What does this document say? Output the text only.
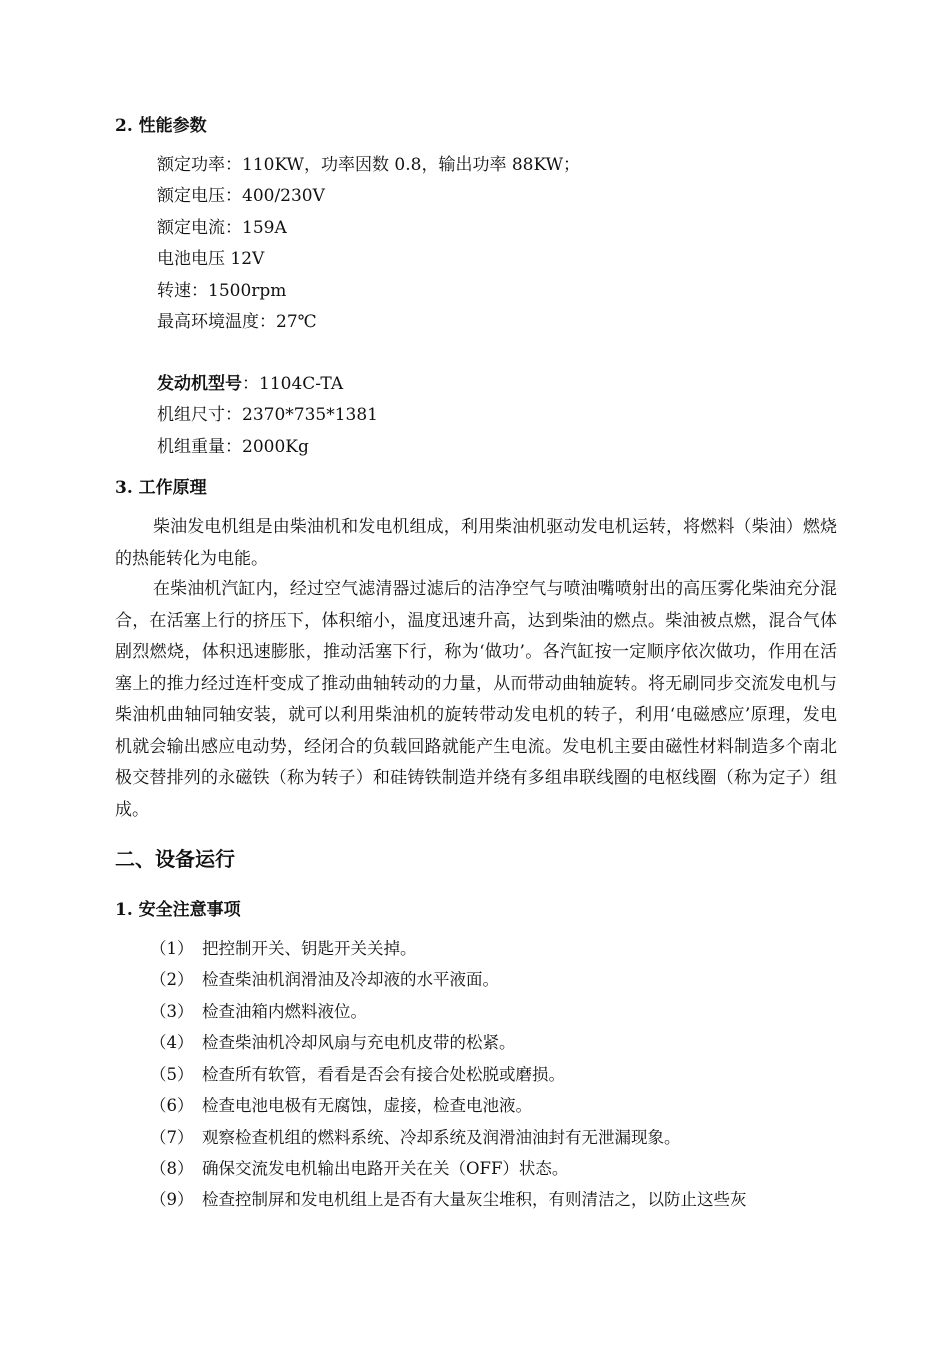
2. 性能参数
额定功率：110KW，功率因数 0.8，输出功率 88KW；
额定电压：400/230V
额定电流：159A
电池电压 12V
转速：1500rpm
最高环境温度：27℃
发动机型号：1104C-TA
机组尺寸：2370*735*1381
机组重量：2000Kg
3. 工作原理
柴油发电机组是由柴油机和发电机组成，利用柴油机驱动发电机运转，将燃料（柴油）燃烧的热能转化为电能。
在柴油机汽缸内，经过空气滤清器过滤后的洁净空气与喷油嘴喷射出的高压雾化柴油充分混合，在活塞上行的挤压下，体积缩小，温度迅速升高，达到柴油的燃点。柴油被点燃，混合气体剧烈燃烧，体积迅速膨胀，推动活塞下行，称为‘做功’。各汽缸按一定顺序依次做功，作用在活塞上的推力经过连杆变成了推动曲轴转动的力量，从而带动曲轴旋转。将无刷同步交流发电机与柴油机曲轴同轴安装，就可以利用柴油机的旋转带动发电机的转子，利用‘电磁感应’原理，发电机就会输出感应电动势，经闭合的负载回路就能产生电流。发电机主要由磁性材料制造多个南北极交替排列的永磁铁（称为转子）和硅铸铁制造并绕有多组串联线圈的电枢线圈（称为定子）组成。
二、设备运行
1. 安全注意事项
（1） 把控制开关、钥匙开关关掉。
（2） 检查柴油机润滑油及冷却液的水平液面。
（3） 检查油箱内燃料液位。
（4） 检查柴油机冷却风扇与充电机皮带的松紧。
（5） 检查所有软管，看看是否会有接合处松脱或磨损。
（6） 检查电池电极有无腐蚀，虚接，检查电池液。
（7） 观察检查机组的燃料系统、冷却系统及润滑油油封有无泄漏现象。
（8） 确保交流发电机输出电路开关在关（OFF）状态。
（9） 检查控制屏和发电机组上是否有大量灰尘堆积，有则清洁之，以防止这些灰
